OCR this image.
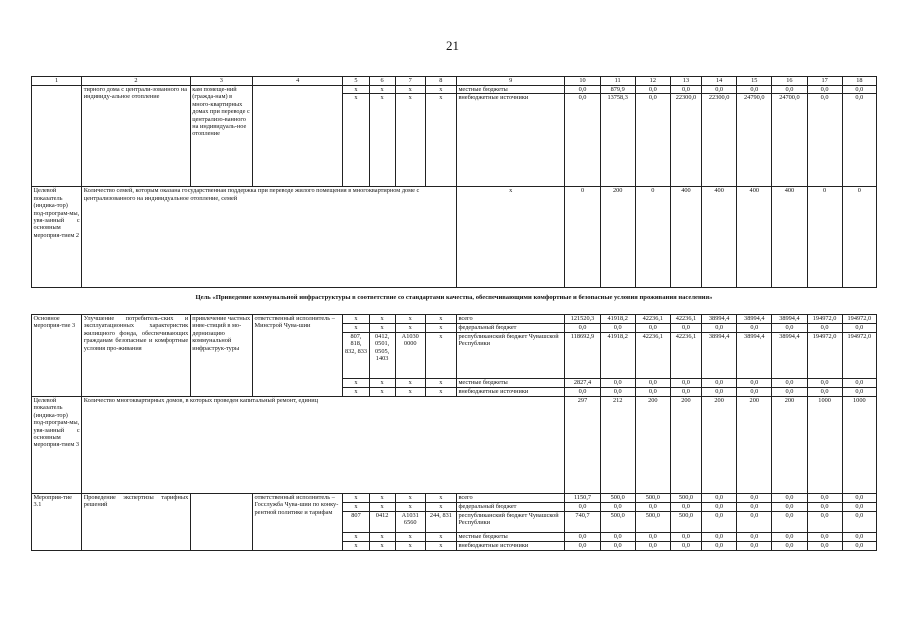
21
1	2	3	4	5	6	7	8	9	10	11	12	13	14	15	16	17	18
	тирного дома с централи-зованного на индивиду-альное отопление	кам помеще-ний (гражда-нам) в много-квартирных домах при переводе с централизо-ванного на индивидуаль-ное отопление		x	x	x	x	местные бюджеты	0,0	879,9	0,0	0,0	0,0	0,0	0,0	0,0	0,0
				x	x	x	x	внебюджетные источники	0,0	13758,3	0,0	22300,0	22300,0	24790,0	24700,0	0,0	0,0
Целевой показатель (индика-тор) под-програм-мы, увя-занный с основным мероприя-тием 2	Количество семей, которым оказана государственная поддержка при переводе жилого помещения в многоквартирном доме с централизованного на индивидуальное отопление, семей							x	0	200	0	400	400	400	400	0	0
Цель «Приведение коммунальной инфраструктуры в соответствие со стандартами качества, обеспечивающими комфортные и безопасные условия проживания населения»
Основное мероприя-тие 3	Улучшение потребитель-ских и эксплуатационных характеристик жилищного фонда, обеспечивающих гражданам безопасные и комфортные условия про-живания	привлечение частных инве-стиций в мо-дернизацию коммунальной инфраструк-туры	ответственный исполнитель – Минстрой Чува-шии	x	x	x	x	всего	121520,3	41918,2	42236,1	42236,1	38994,4	38994,4	38994,4	194972,0	194972,0
				x	x	x	x	федеральный бюджет	0,0	0,0	0,0	0,0	0,0	0,0	0,0	0,0	0,0
				807, 818, 832, 833	0412, 0501, 0505, 1403	А1030 0000	x	республиканский бюджет Чувашской Республики	118692,9	41918,2	42236,1	42236,1	38994,4	38994,4	38994,4	194972,0	194972,0
				x	x	x	x	местные бюджеты	2827,4	0,0	0,0	0,0	0,0	0,0	0,0	0,0	0,0
				x	x	x	x	внебюджетные источники	0,0	0,0	0,0	0,0	0,0	0,0	0,0	0,0	0,0
Целевой показатель (индика-тор) под-програм-мы, увя-занный с основным мероприя-тием 3	Количество многоквартирных домов, в которых проведен капитальный ремонт, единиц								297	212	200	200	200	200	200	1000	1000
Мероприя-тие 3.1	Проведение экспертизы тарифных решений		ответственный исполнитель – Госслужба Чува-шии по конку-рентной политике и тарифам	x	x	x	x	всего	1150,7	500,0	500,0	500,0	0,0	0,0	0,0	0,0	0,0
				x	x	x	x	федеральный бюджет	0,0	0,0	0,0	0,0	0,0	0,0	0,0	0,0	0,0
				807	0412	А1031 6560	244, 831	республиканский бюджет Чувашской Республики	740,7	500,0	500,0	500,0	0,0	0,0	0,0	0,0	0,0
				x	x	x	x	местные бюджеты	0,0	0,0	0,0	0,0	0,0	0,0	0,0	0,0	0,0
				x	x	x	x	внебюджетные источники	0,0	0,0	0,0	0,0	0,0	0,0	0,0	0,0	0,0
